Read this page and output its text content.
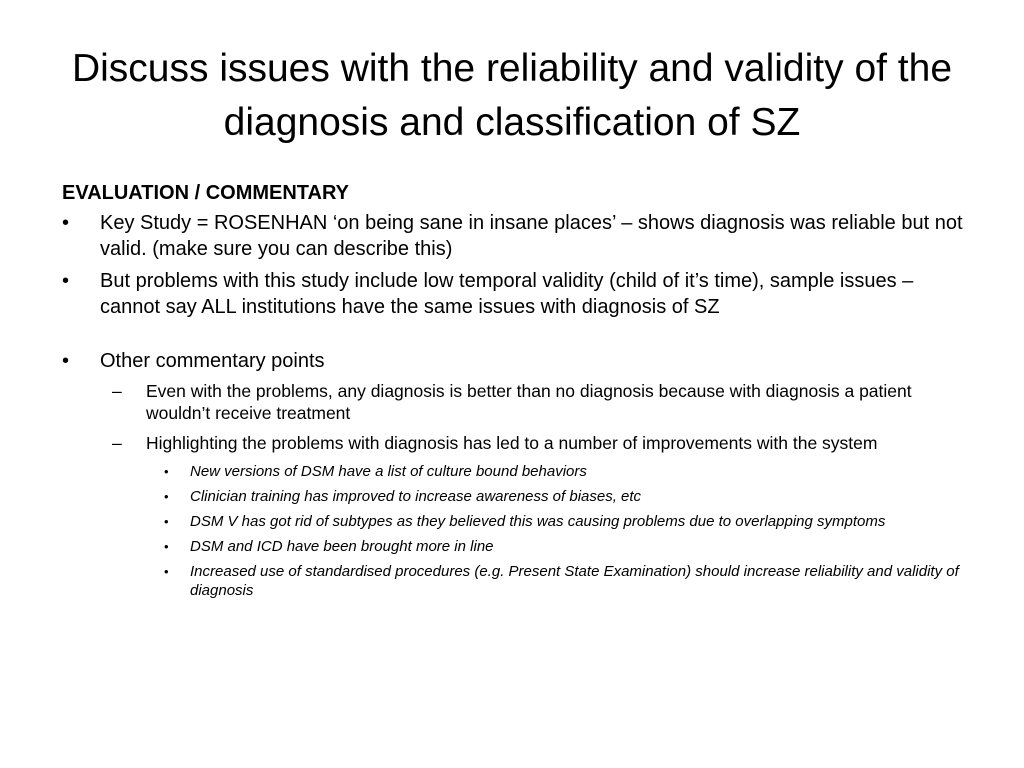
Discuss issues with the reliability and validity of the diagnosis and classification of SZ
EVALUATION / COMMENTARY
• Key Study = ROSENHAN ‘on being sane in insane places’ – shows diagnosis was reliable but not valid. (make sure you can describe this)
• But problems with this study include low temporal validity (child of it’s time), sample issues – cannot say ALL institutions have the same issues with diagnosis of SZ
• Other commentary points
– Even with the problems, any diagnosis is better than no diagnosis because with diagnosis a patient wouldn’t receive treatment
– Highlighting the problems with diagnosis has led to a number of improvements with the system
• New versions of DSM have a list of culture bound behaviors
• Clinician training has improved to increase awareness of biases, etc
• DSM V has got rid of subtypes as they believed this was causing problems due to overlapping symptoms
• DSM and ICD have been brought more in line
• Increased use of standardised procedures (e.g. Present State Examination) should increase reliability and validity of diagnosis
